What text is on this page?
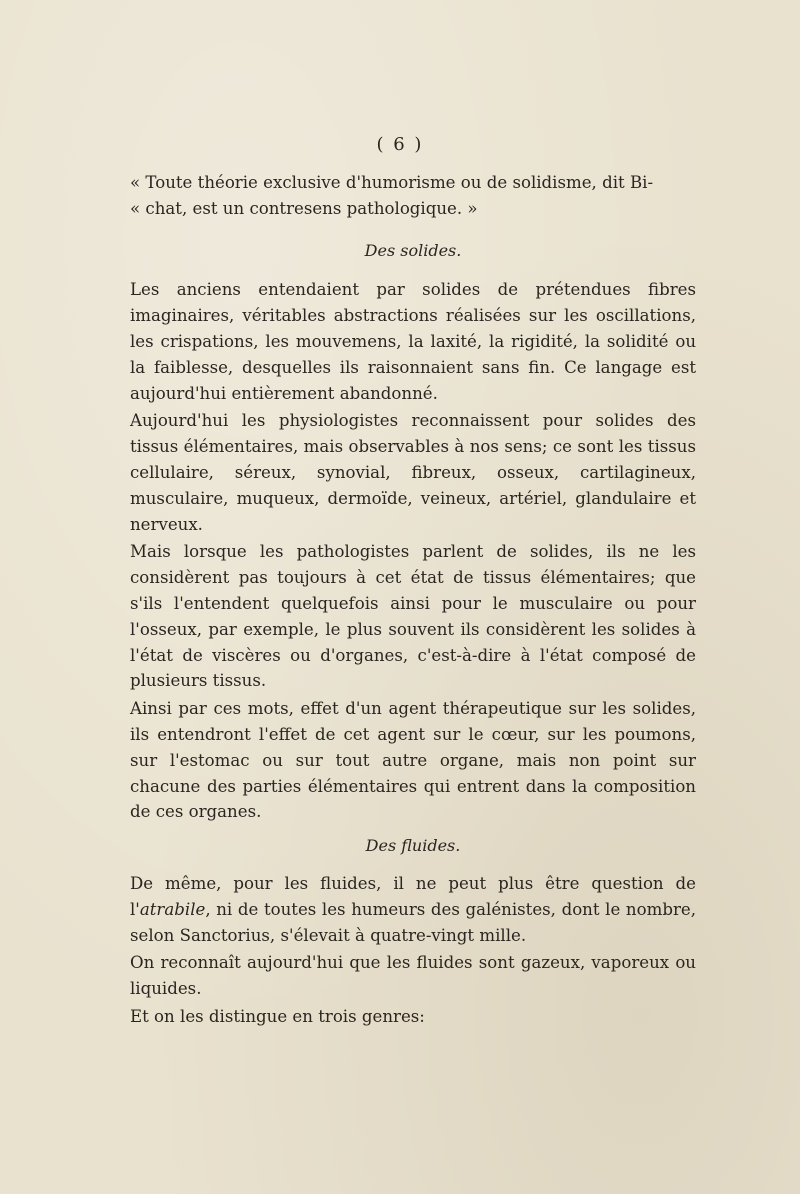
( 6 )

« Toute théorie exclusive d'humorisme ou de solidisme, dit Bi-

« chat, est un contresens pathologique. »

Des solides.

Les anciens entendaient par solides de prétendues fibres imaginaires, véritables abstractions réalisées sur les oscillations, les crispations, les mouvemens, la laxité, la rigidité, la solidité ou la faiblesse, desquelles ils raisonnaient sans fin. Ce langage est aujourd'hui entièrement abandonné.

Aujourd'hui les physiologistes reconnaissent pour solides des tissus élémentaires, mais observables à nos sens; ce sont les tissus cellulaire, séreux, synovial, fibreux, osseux, cartilagineux, musculaire, muqueux, dermoïde, veineux, artériel, glandulaire et nerveux.

Mais lorsque les pathologistes parlent de solides, ils ne les considèrent pas toujours à cet état de tissus élémentaires; que s'ils l'entendent quelquefois ainsi pour le musculaire ou pour l'osseux, par exemple, le plus souvent ils considèrent les solides à l'état de viscères ou d'organes, c'est-à-dire à l'état composé de plusieurs tissus.

Ainsi par ces mots, effet d'un agent thérapeutique sur les solides, ils entendront l'effet de cet agent sur le cœur, sur les poumons, sur l'estomac ou sur tout autre organe, mais non point sur chacune des parties élémentaires qui entrent dans la composition de ces organes.

Des fluides.

De même, pour les fluides, il ne peut plus être question de l'atrabile, ni de toutes les humeurs des galénistes, dont le nombre, selon Sanctorius, s'élevait à quatre-vingt mille.

On reconnaît aujourd'hui que les fluides sont gazeux, vaporeux ou liquides.

Et on les distingue en trois genres:
